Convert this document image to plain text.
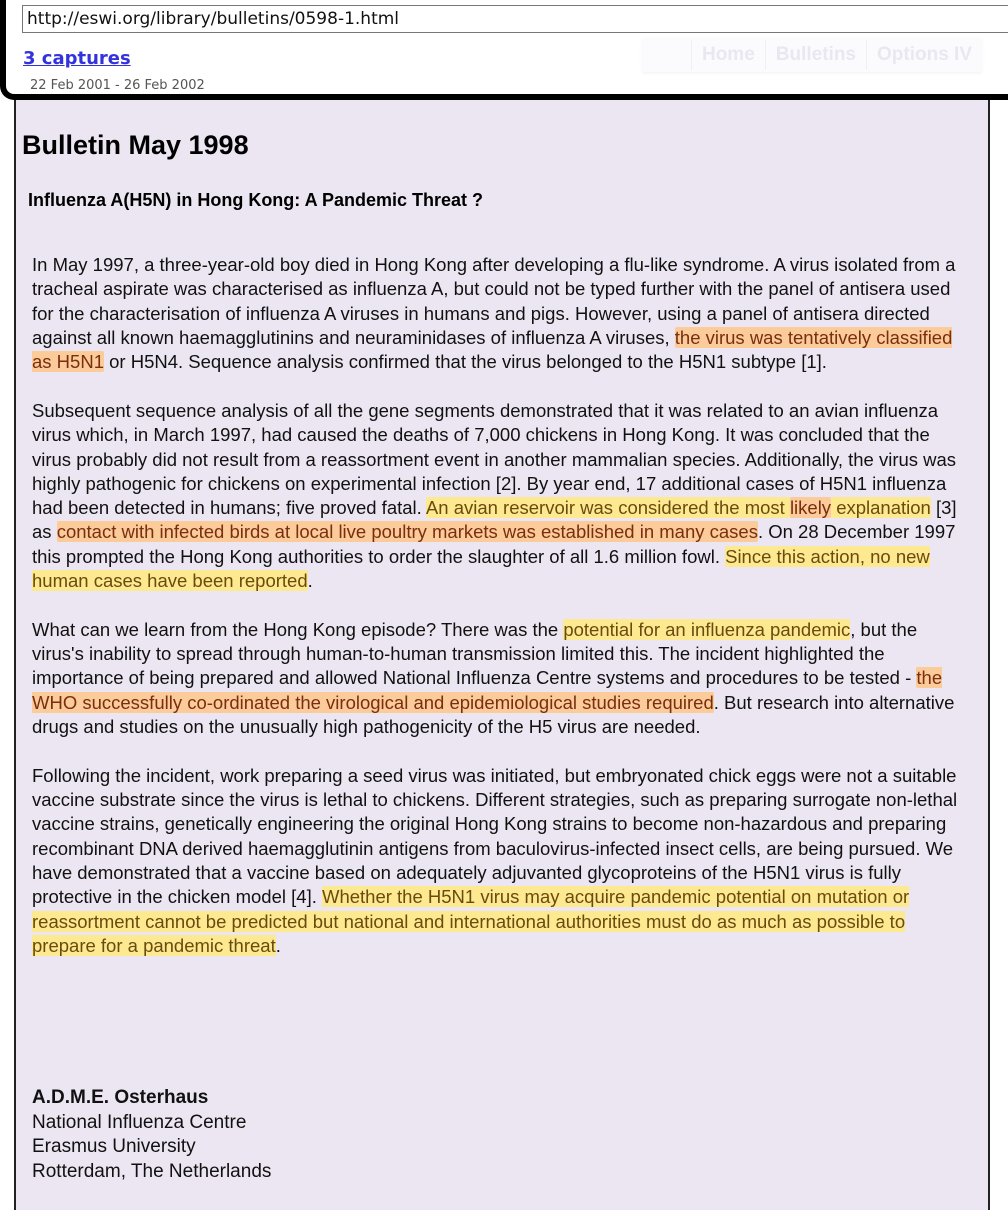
http://eswi.org/library/bulletins/0598-1.html
3 captures
22 Feb 2001 - 26 Feb 2002
Home	Bulletins	Options IV
Bulletin May 1998
Influenza A(H5N) in Hong Kong: A Pandemic Threat ?

In May 1997, a three-year-old boy died in Hong Kong after developing a flu-like syndrome. A virus isolated from a tracheal aspirate was characterised as influenza A, but could not be typed further with the panel of antisera used for the characterisation of influenza A viruses in humans and pigs. However, using a panel of antisera directed against all known haemagglutinins and neuraminidases of influenza A viruses, the virus was tentatively classified as H5N1 or H5N4. Sequence analysis confirmed that the virus belonged to the H5N1 subtype [1].

Subsequent sequence analysis of all the gene segments demonstrated that it was related to an avian influenza virus which, in March 1997, had caused the deaths of 7,000 chickens in Hong Kong. It was concluded that the virus probably did not result from a reassortment event in another mammalian species. Additionally, the virus was highly pathogenic for chickens on experimental infection [2]. By year end, 17 additional cases of H5N1 influenza had been detected in humans; five proved fatal. An avian reservoir was considered the most likely explanation [3] as contact with infected birds at local live poultry markets was established in many cases. On 28 December 1997 this prompted the Hong Kong authorities to order the slaughter of all 1.6 million fowl. Since this action, no new human cases have been reported.

What can we learn from the Hong Kong episode? There was the potential for an influenza pandemic, but the virus's inability to spread through human-to-human transmission limited this. The incident highlighted the importance of being prepared and allowed National Influenza Centre systems and procedures to be tested - the WHO successfully co-ordinated the virological and epidemiological studies required. But research into alternative drugs and studies on the unusually high pathogenicity of the H5 virus are needed.

Following the incident, work preparing a seed virus was initiated, but embryonated chick eggs were not a suitable vaccine substrate since the virus is lethal to chickens. Different strategies, such as preparing surrogate non-lethal vaccine strains, genetically engineering the original Hong Kong strains to become non-hazardous and preparing recombinant DNA derived haemagglutinin antigens from baculovirus-infected insect cells, are being pursued. We have demonstrated that a vaccine based on adequately adjuvanted glycoproteins of the H5N1 virus is fully protective in the chicken model [4]. Whether the H5N1 virus may acquire pandemic potential on mutation or reassortment cannot be predicted but national and international authorities must do as much as possible to prepare for a pandemic threat.

A.D.M.E. Osterhaus
National Influenza Centre
Erasmus University
Rotterdam, The Netherlands
